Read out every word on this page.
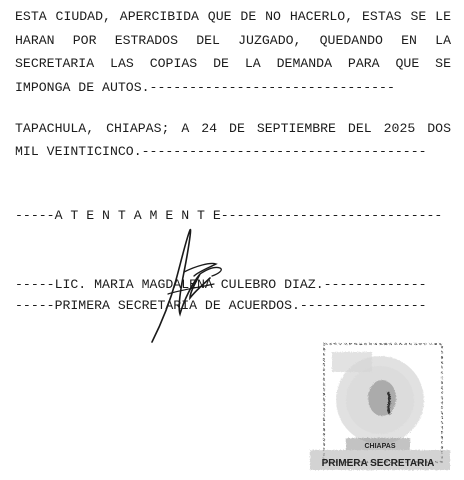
ESTA CIUDAD, APERCIBIDA QUE DE NO HACERLO, ESTAS SE LE
HARAN POR ESTRADOS DEL JUZGADO, QUEDANDO EN LA
SECRETARIA LAS COPIAS DE LA DEMANDA PARA QUE SE
IMPONGA DE AUTOS.-------------------------------
TAPACHULA, CHIAPAS; A 24 DE SEPTIEMBRE DEL 2025 DOS
MIL VEINTICINCO.------------------------------------
-----A T E N T A M E N T E----------------------------
-----LIC. MARIA MAGDALENA CULEBRO DIAZ.-------------
-----PRIMERA SECRETARIA DE ACUERDOS.----------------
CHIAPAS
PRIMERA SECRETARIA
